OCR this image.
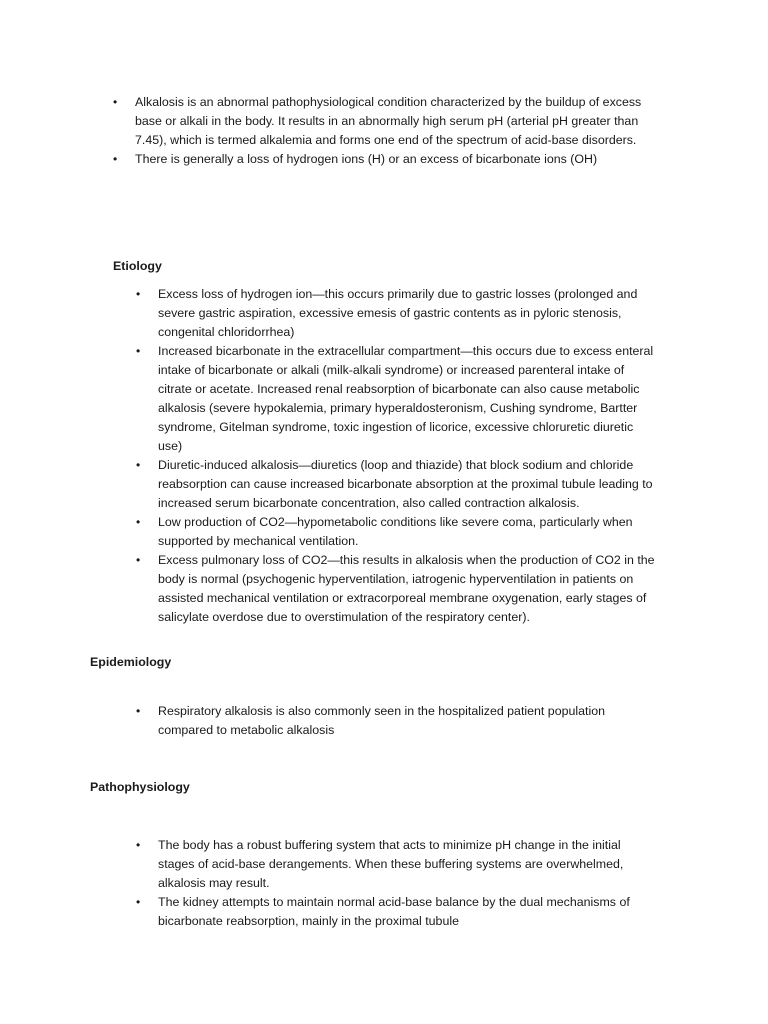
• Alkalosis is an abnormal pathophysiological condition characterized by the buildup of excess base or alkali in the body. It results in an abnormally high serum pH (arterial pH greater than 7.45), which is termed alkalemia and forms one end of the spectrum of acid-base disorders.
• There is generally a loss of hydrogen ions (H) or an excess of bicarbonate ions (OH)
Etiology
• Excess loss of hydrogen ion—this occurs primarily due to gastric losses (prolonged and severe gastric aspiration, excessive emesis of gastric contents as in pyloric stenosis, congenital chloridorrhea)
• Increased bicarbonate in the extracellular compartment—this occurs due to excess enteral intake of bicarbonate or alkali (milk-alkali syndrome) or increased parenteral intake of citrate or acetate. Increased renal reabsorption of bicarbonate can also cause metabolic alkalosis (severe hypokalemia, primary hyperaldosteronism, Cushing syndrome, Bartter syndrome, Gitelman syndrome, toxic ingestion of licorice, excessive chloruretic diuretic use)
• Diuretic-induced alkalosis—diuretics (loop and thiazide) that block sodium and chloride reabsorption can cause increased bicarbonate absorption at the proximal tubule leading to increased serum bicarbonate concentration, also called contraction alkalosis.
• Low production of CO2—hypometabolic conditions like severe coma, particularly when supported by mechanical ventilation.
• Excess pulmonary loss of CO2—this results in alkalosis when the production of CO2 in the body is normal (psychogenic hyperventilation, iatrogenic hyperventilation in patients on assisted mechanical ventilation or extracorporeal membrane oxygenation, early stages of salicylate overdose due to overstimulation of the respiratory center).
Epidemiology
• Respiratory alkalosis is also commonly seen in the hospitalized patient population compared to metabolic alkalosis
Pathophysiology
• The body has a robust buffering system that acts to minimize pH change in the initial stages of acid-base derangements. When these buffering systems are overwhelmed, alkalosis may result.
• The kidney attempts to maintain normal acid-base balance by the dual mechanisms of bicarbonate reabsorption, mainly in the proximal tubule
